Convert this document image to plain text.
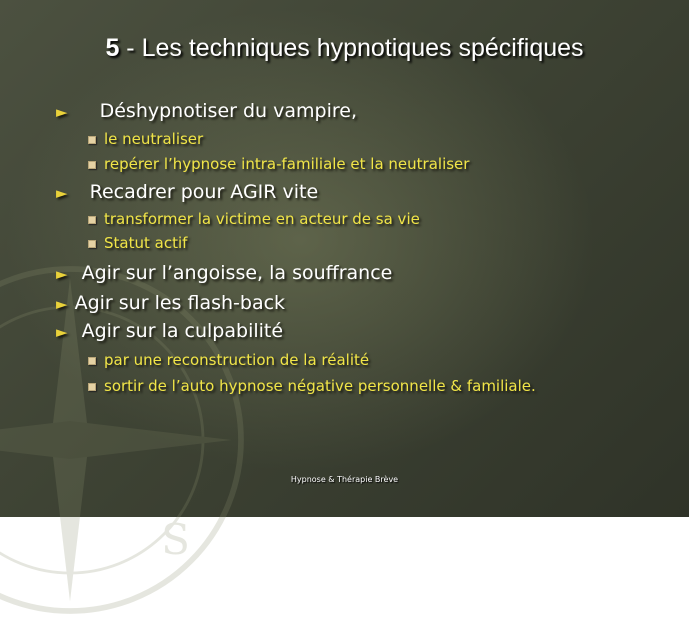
S
5 - Les techniques hypnotiques spécifiques
► Déshypnotiser du vampire,
le neutraliser
repérer l’hypnose intra-familiale et la neutraliser
► Recadrer pour AGIR vite
transformer la victime en acteur de sa vie
Statut actif
► Agir sur l’angoisse, la souffrance
► Agir sur les flash-back
► Agir sur la culpabilité
par une reconstruction de la réalité
sortir de l’auto hypnose négative personnelle & familiale.
Hypnose & Thérapie Brève
